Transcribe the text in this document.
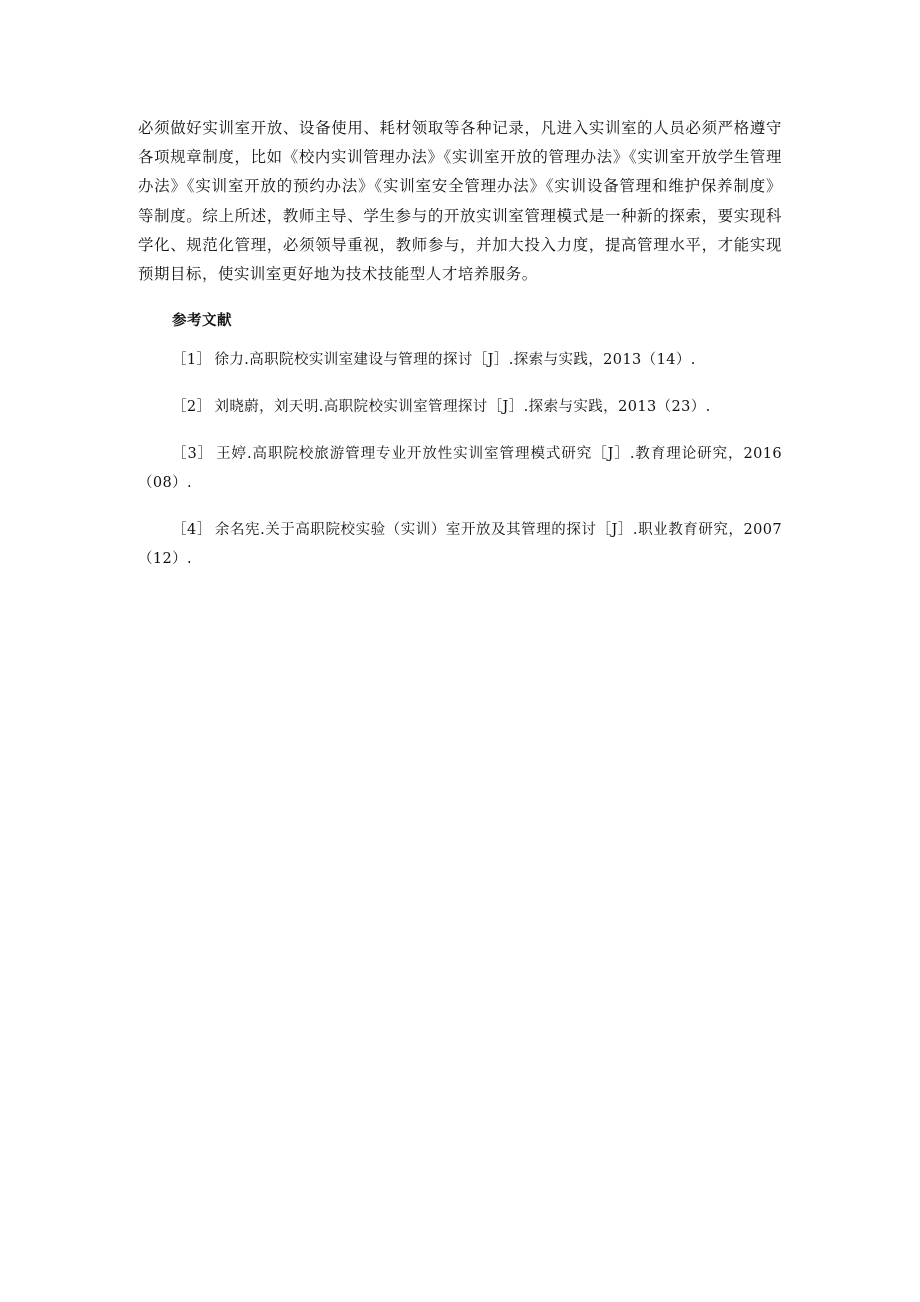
必须做好实训室开放、设备使用、耗材领取等各种记录，凡进入实训室的人员必须严格遵守各项规章制度，比如《校内实训管理办法》《实训室开放的管理办法》《实训室开放学生管理办法》《实训室开放的预约办法》《实训室安全管理办法》《实训设备管理和维护保养制度》等制度。综上所述，教师主导、学生参与的开放实训室管理模式是一种新的探索，要实现科学化、规范化管理，必须领导重视，教师参与，并加大投入力度，提高管理水平，才能实现预期目标，使实训室更好地为技术技能型人才培养服务。

参考文献
［1］ 徐力.高职院校实训室建设与管理的探讨［J］.探索与实践，2013（14）.
［2］ 刘晓蔚，刘天明.高职院校实训室管理探讨［J］.探索与实践，2013（23）.
［3］ 王婷.高职院校旅游管理专业开放性实训室管理模式研究［J］.教育理论研究，2016（08）.
［4］ 余名宪.关于高职院校实验（实训）室开放及其管理的探讨［J］.职业教育研究，2007（12）.
